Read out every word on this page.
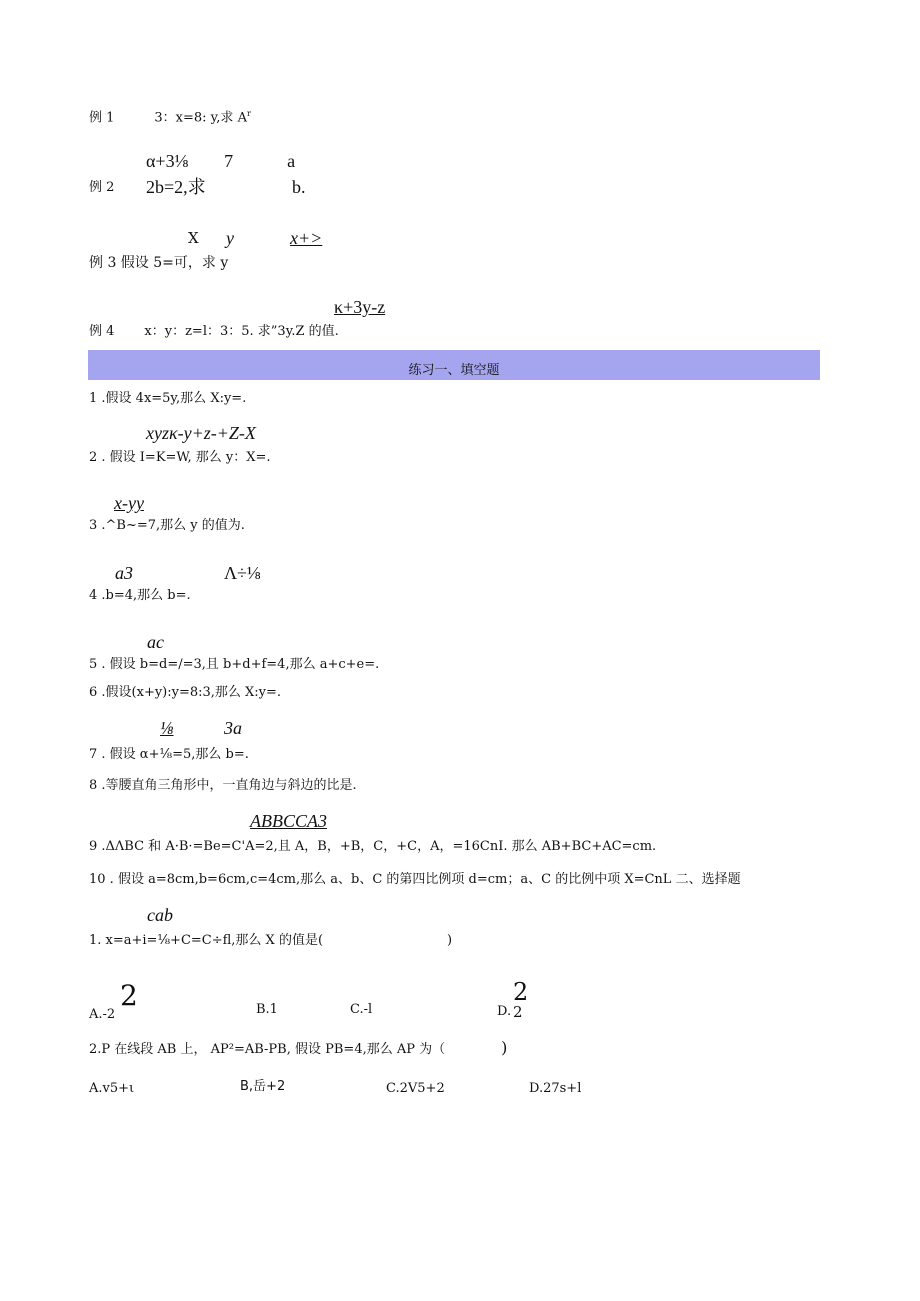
例 1	3：x=8: y,求 $A^r$
α+3⅛        7            a
例 2 2b=2,求	b.
X y	x+>
例 3 假设 5=可，求 y
κ+3y-z
例 4 x：y：z=l：3：5. 求”3y.Z 的值.
练习一、填空题
1 .假设 4x=5y,那么 X:y=.
xyzκ-y+z-+Z-X
2 . 假设 I=K=W, 那么 y：X=.
x-yy
3 .^B~=7,那么 y 的值为.
a3	Λ÷⅛
4 .b=4,那么 b=.
ac
5 . 假设 b=d=/=3,且 b+d+f=4,那么 a+c+e=.
6 .假设(x+y):y=8:3,那么 X:y=.
⅛	3a
7 . 假设 α+⅛=5,那么 b=.
8 .等腰直角三角形中，一直角边与斜边的比是.
ABBCCA3
9 .ΔΛBC 和 A·B·=Be=C'A=2,且 A，B，+B，C，+C，A，=16CnI. 那么 AB+BC+AC=cm.
10 . 假设 a=8cm,b=6cm,c=4cm,那么 a、b、C 的第四比例项 d=cm；a、C 的比例中项 X=CnL 二、选择题
cab
1. x=a+i=⅛+C=C÷fl,那么 X 的值是(	)
A.-2
2	B.1	C.-l	D.
2
2
2.P 在线段 AB 上， AP²=AB-PB, 假设 PB=4,那么 AP 为（	)
A.v5+ι	B,岳+2	C.2V5+2	D.27s+l
